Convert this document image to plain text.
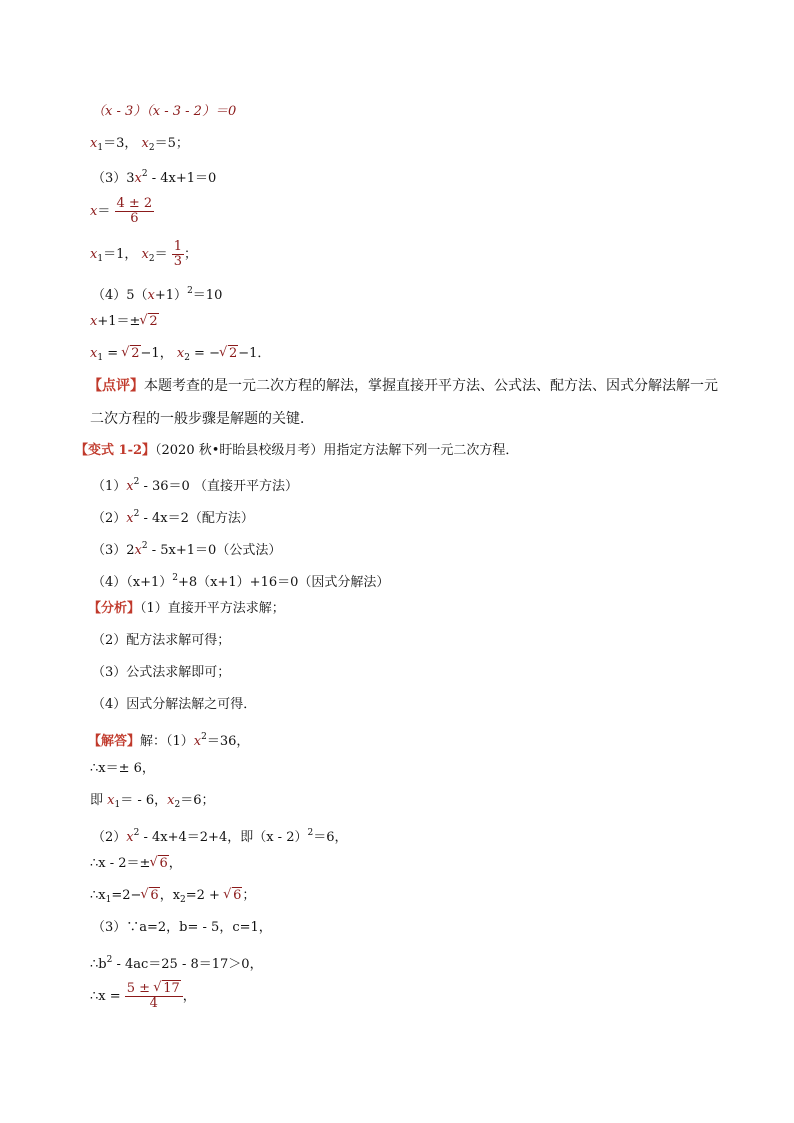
（x - 3）（x - 3 - 2）＝0
$x_1=3$， $x_2=5$；
$(3)3x^2 - 4x+1=0$
$x= \frac{4 \pm 2}{6}$
$x_1=1$， $x_2= \frac{1}{3}$ ；
$(4)5(x+1)^2=10$
x+1＝±√ 2
$x_1$ = √ 2−1， $x_2$ = −√ 2−1．
【点评】本题考查的是一元二次方程的解法，掌握直接开平方法、公式法、配方法、因式分解法解一元
二次方程的一般步骤是解题的关键．
【变式 1-2】（2020 秋•盱眙县校级月考）用指定方法解下列一元二次方程．
$(1)x^2 - 36=0$ （直接开平方法）
$(2)x^2 - 4x=2$（配方法）
$(3)2x^2 - 5x+1=0$（公式法）
$(4)(x+1)^2+8(x+1)+16=0$（因式分解法）
【分析】（1）直接开平方法求解；
（2）配方法求解可得；
（3）公式法求解即可；
（4）因式分解法解之可得．
【解答】解：$(1)x^2=36$，
∴x＝± 6，
即 $x_1= - 6$，$x_2=6$；
$(2)x^2 - 4x+4=2+4$，即（x - 2）$^2$＝6，
∴x - 2＝±√ 6，
$\therefore x_1=2-√$ 6，$x_2=2$ + √ 6；
（3）∵a=2，b= - 5，c=1，
$\therefore b^2 - 4ac=25 - 8=17>0$，
∴x = $\frac{5 \pm √ 17}{4}$ ，
